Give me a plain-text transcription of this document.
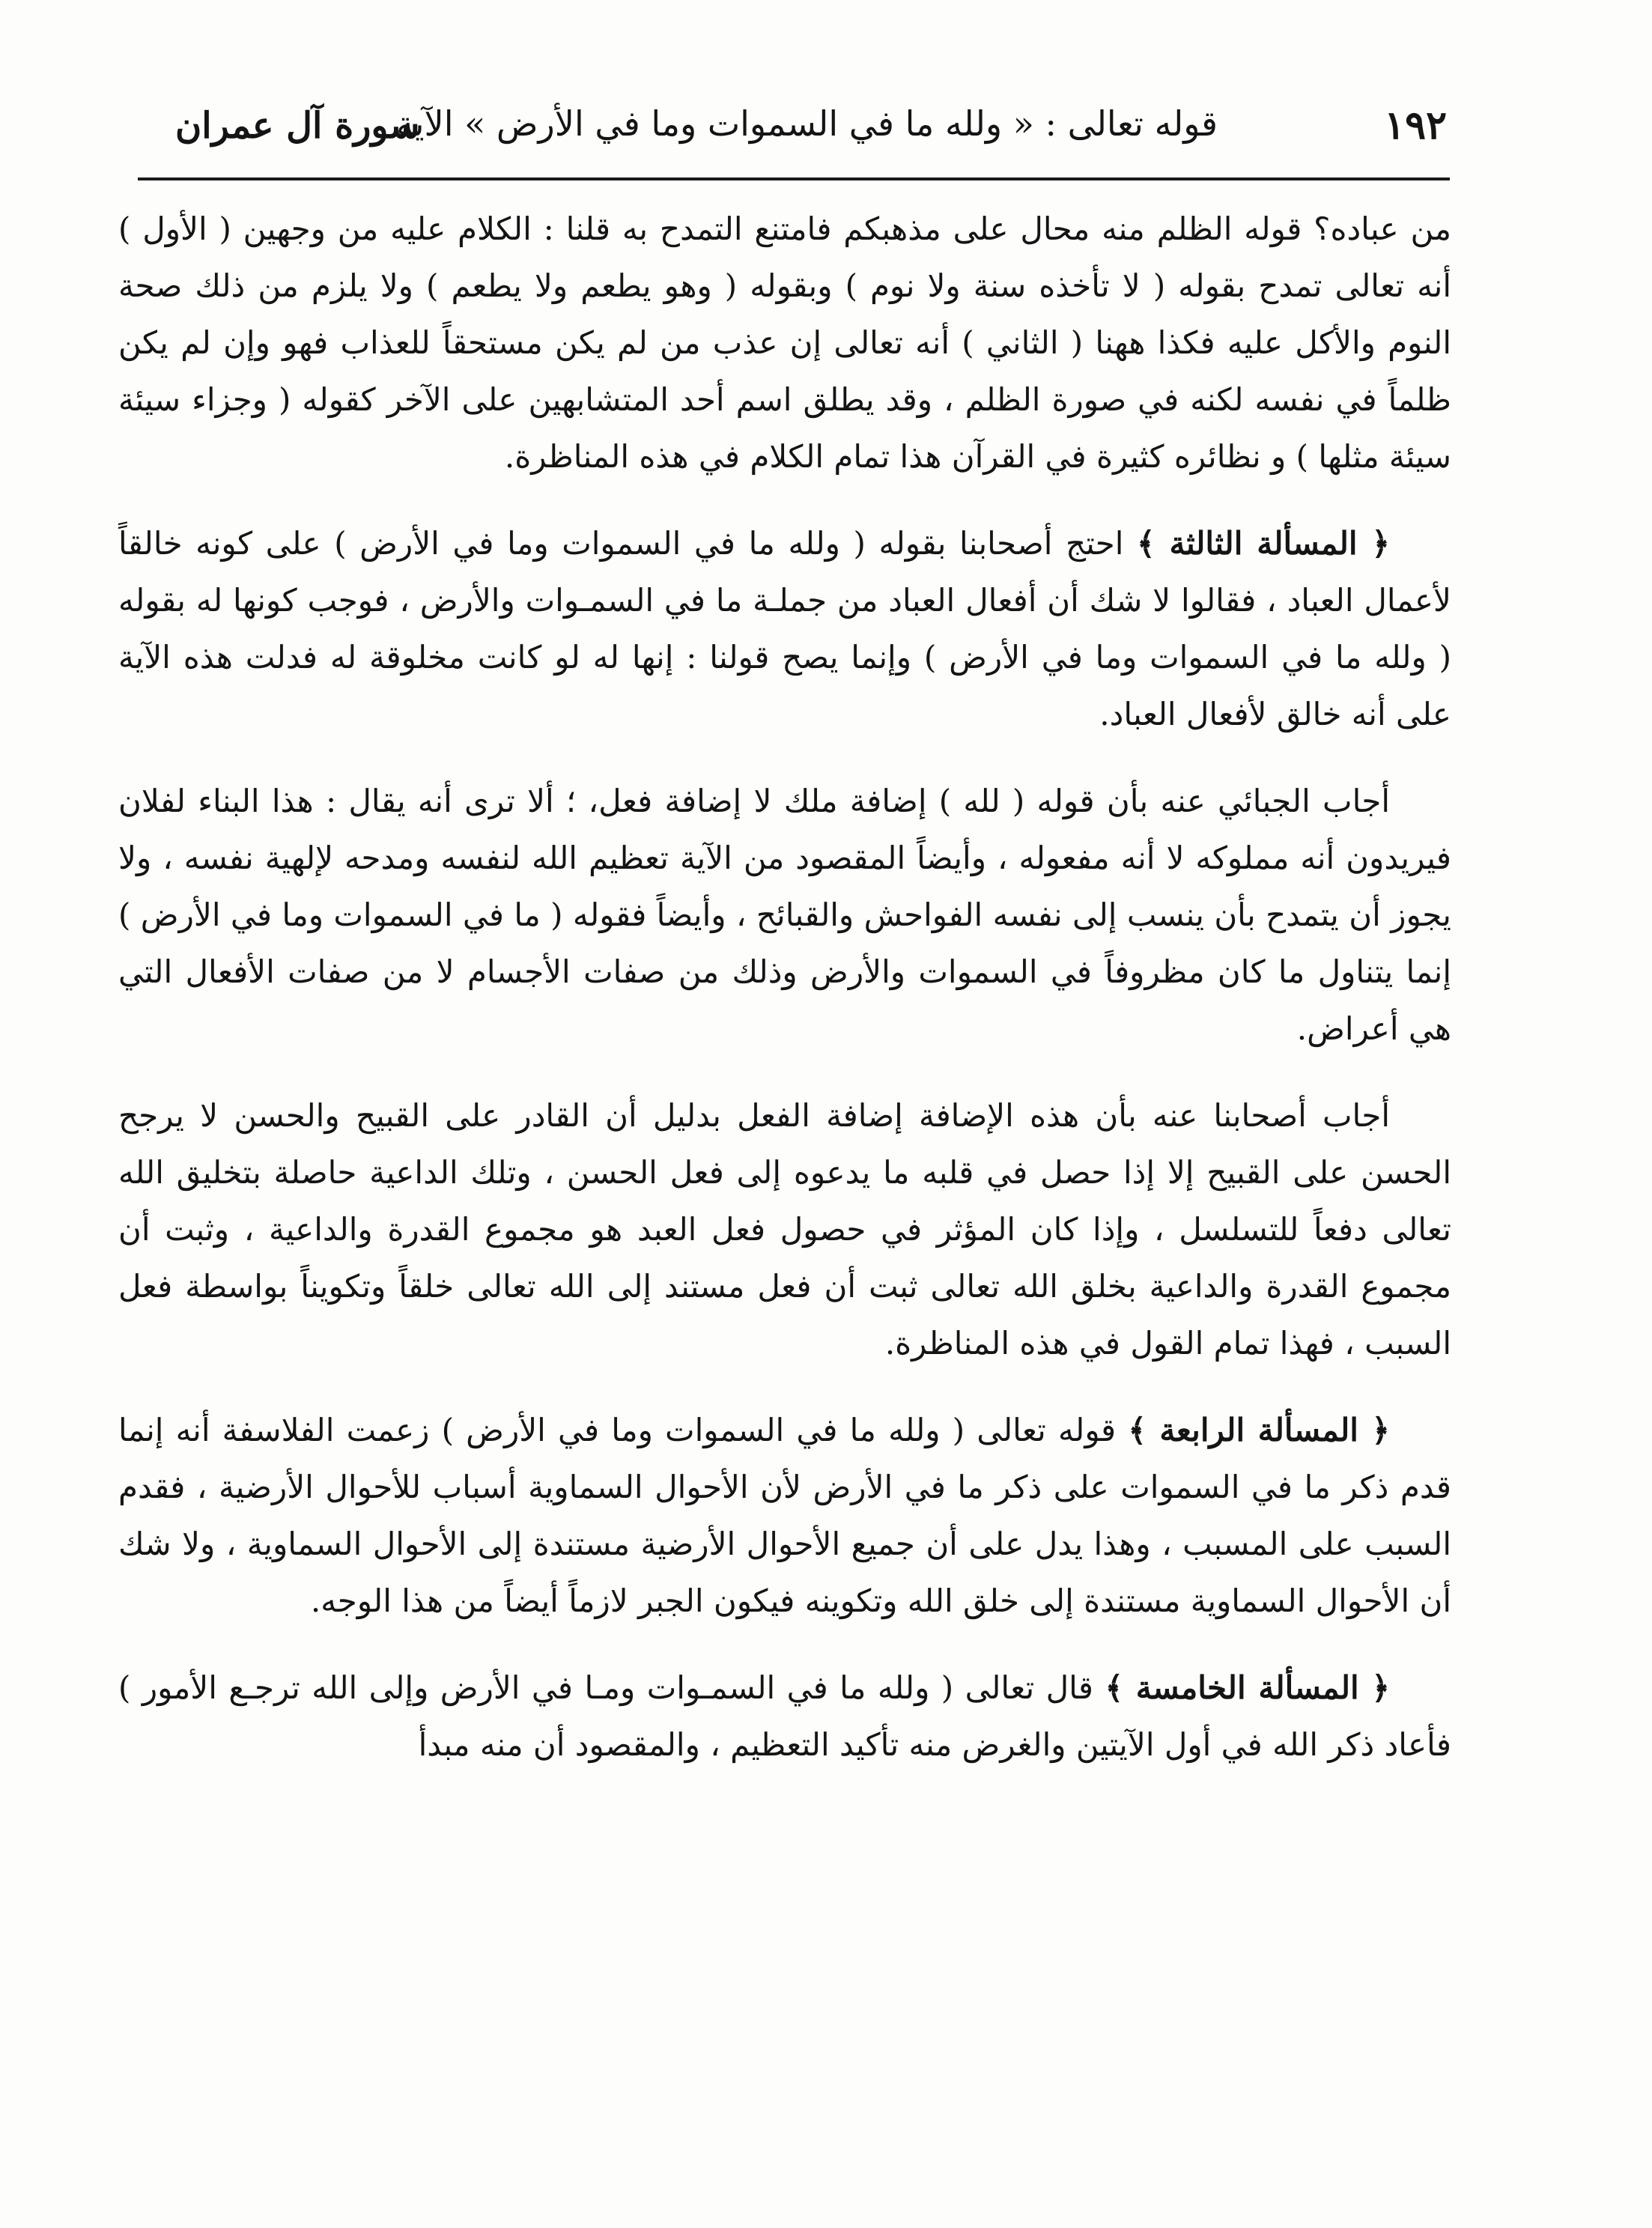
١٩٢
قوله تعالى : « ولله ما في السموات وما في الأرض » الآية
سورة آل عمران

من عباده؟ قوله الظلم منه محال على مذهبكم فامتنع التمدح به قلنا : الكلام عليه من وجهين ( الأول ) أنه تعالى تمدح بقوله ( لا تأخذه سنة ولا نوم ) وبقوله ( وهو يطعم ولا يطعم ) ولا يلزم من ذلك صحة النوم والأكل عليه فكذا ههنا ( الثاني ) أنه تعالى إن عذب من لم يكن مستحقاً للعذاب فهو وإن لم يكن ظلماً في نفسه لكنه في صورة الظلم ، وقد يطلق اسم أحد المتشابهين على الآخر كقوله ( وجزاء سيئة سيئة مثلها ) و نظائره كثيرة في القرآن هذا تمام الكلام في هذه المناظرة.

﴿ المسألة الثالثة ﴾ احتج أصحابنا بقوله ( ولله ما في السموات وما في الأرض ) على كونه خالقاً لأعمال العباد ، فقالوا لا شك أن أفعال العباد من جملـة ما في السمـوات والأرض ، فوجب كونها له بقوله ( ولله ما في السموات وما في الأرض ) وإنما يصح قولنا : إنها له لو كانت مخلوقة له فدلت هذه الآية على أنه خالق لأفعال العباد.

أجاب الجبائي عنه بأن قوله ( لله ) إضافة ملك لا إضافة فعل، ؛ ألا ترى أنه يقال : هذا البناء لفلان فيريدون أنه مملوكه لا أنه مفعوله ، وأيضاً المقصود من الآية تعظيم الله لنفسه ومدحه لإلهية نفسه ، ولا يجوز أن يتمدح بأن ينسب إلى نفسه الفواحش والقبائح ، وأيضاً فقوله ( ما في السموات وما في الأرض ) إنما يتناول ما كان مظروفاً في السموات والأرض وذلك من صفات الأجسام لا من صفات الأفعال التي هي أعراض.

أجاب أصحابنا عنه بأن هذه الإضافة إضافة الفعل بدليل أن القادر على القبيح والحسن لا يرجح الحسن على القبيح إلا إذا حصل في قلبه ما يدعوه إلى فعل الحسن ، وتلك الداعية حاصلة بتخليق الله تعالى دفعاً للتسلسل ، وإذا كان المؤثر في حصول فعل العبد هو مجموع القدرة والداعية ، وثبت أن مجموع القدرة والداعية بخلق الله تعالى ثبت أن فعل مستند إلى الله تعالى خلقاً وتكويناً بواسطة فعل السبب ، فهذا تمام القول في هذه المناظرة.

﴿ المسألة الرابعة ﴾ قوله تعالى ( ولله ما في السموات وما في الأرض ) زعمت الفلاسفة أنه إنما قدم ذكر ما في السموات على ذكر ما في الأرض لأن الأحوال السماوية أسباب للأحوال الأرضية ، فقدم السبب على المسبب ، وهذا يدل على أن جميع الأحوال الأرضية مستندة إلى الأحوال السماوية ، ولا شك أن الأحوال السماوية مستندة إلى خلق الله وتكوينه فيكون الجبر لازماً أيضاً من هذا الوجه.

﴿ المسألة الخامسة ﴾ قال تعالى ( ولله ما في السمـوات ومـا في الأرض وإلى الله ترجـع الأمور ) فأعاد ذكر الله في أول الآيتين والغرض منه تأكيد التعظيم ، والمقصود أن منه مبدأ
